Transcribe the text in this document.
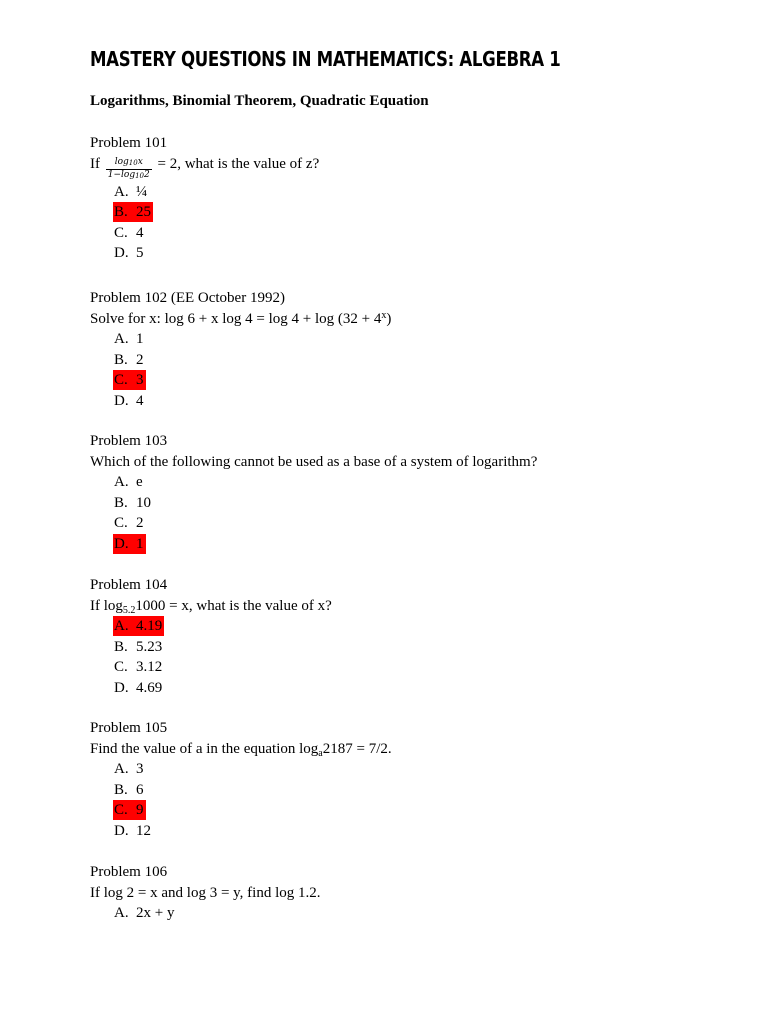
MASTERY QUESTIONS IN MATHEMATICS: ALGEBRA 1
Logarithms, Binomial Theorem, Quadratic Equation
Problem 101
If $\frac{\log 10x}{1-\log 102} = 2$, what is the value of z?
A. ¼
B. 25
C. 4
D. 5
Problem 102 (EE October 1992)
Solve for x: log 6 + x $\log 4 = \log 4 + \log (32 + 4^x)$
A. 1
B. 2
C. 3
D. 4
Problem 103
Which of the following cannot be used as a base of a system of logarithm?
A. e
B. 10
C. 2
D. 1
Problem 104
If $\log_{5.2}1000 = x$, what is the value of x?
A. 4.19
B. 5.23
C. 3.12
D. 4.69
Problem 105
Find the value of a in the equation $\log_a2187 = 7/2$.
A. 3
B. 6
C. 9
D. 12
Problem 106
If log 2 = x and log 3 = y, find log 1.2.
A. 2x + y
